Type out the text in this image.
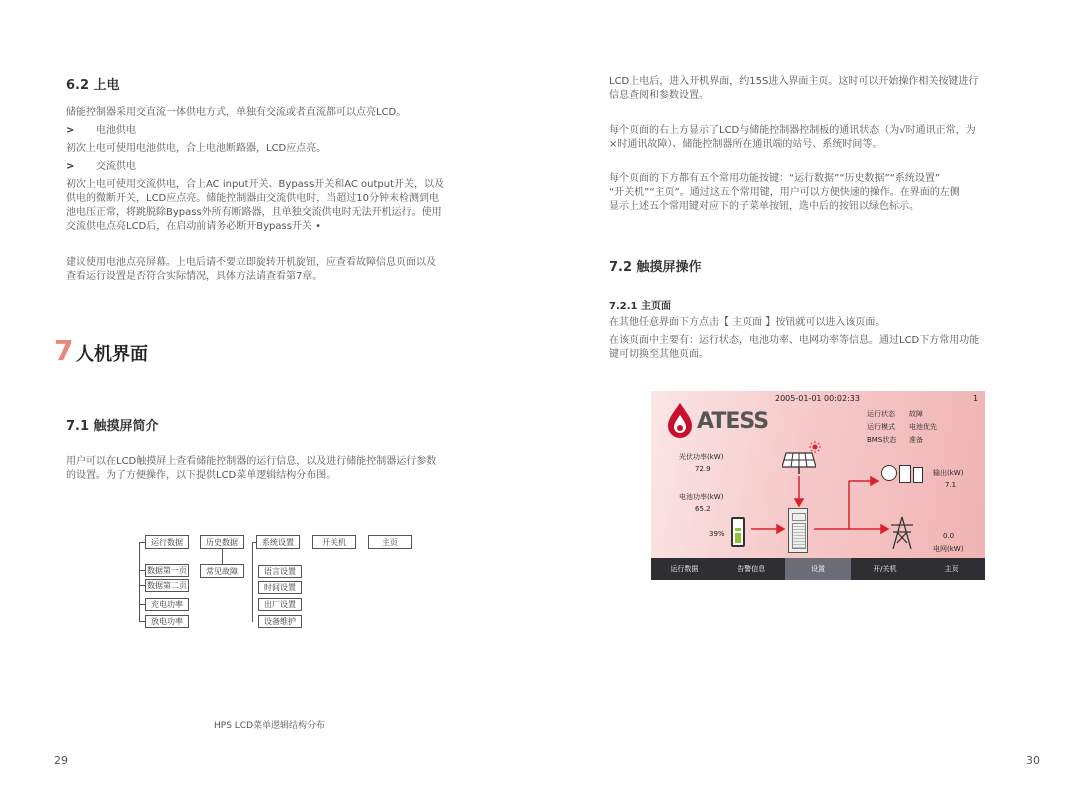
6.2 上电
储能控制器采用交直流一体供电方式，单独有交流或者直流都可以点亮LCD。
> 电池供电
初次上电可使用电池供电，合上电池断路器，LCD应点亮。
> 交流供电
初次上电可使用交流供电，合上AC input开关、Bypass开关和AC output开关，以及
供电的微断开关，LCD应点亮。储能控制器由交流供电时，当超过10分钟未检测到电
池电压正常，将跳脱除Bypass外所有断路器，且单独交流供电时无法开机运行。使用
交流供电点亮LCD后，在启动前请务必断开Bypass开关 •
建议使用电池点亮屏幕。上电后请不要立即旋转开机旋钮，应查看故障信息页面以及
查看运行设置是否符合实际情况，具体方法请查看第7章。
7 人机界面
7.1 触摸屏简介
用户可以在LCD触摸屏上查看储能控制器的运行信息，以及进行储能控制器运行参数
的设置。为了方便操作，以下提供LCD菜单逻辑结构分布图。
运行数据	历史数据	系统设置	开关机	主页
数据第一页
数据第二页
充电功率
放电功率
常见故障	语言设置
时间设置
出厂设置
设备维护
HPS LCD菜单逻辑结构分布
29
LCD上电后，进入开机界面，约15S进入界面主页。这时可以开始操作相关按键进行
信息查阅和参数设置。
每个页面的右上方显示了LCD与储能控制器控制板的通讯状态（为√时通讯正常，为
×时通讯故障）、储能控制器所在通讯端的站号、系统时间等。
每个页面的下方都有五个常用功能按键：“运行数据”“历史数据”“系统设置”
“开关机”“主页”。通过这五个常用键，用户可以方便快速的操作。在界面的左侧
显示上述五个常用键对应下的子菜单按钮，选中后的按钮以绿色标示。
7.2 触摸屏操作
7.2.1 主页面
在其他任意界面下方点击【 主页面 】按钮就可以进入该页面。
在该页面中主要有：运行状态，电池功率、电网功率等信息。通过LCD下方常用功能
键可切换至其他页面。
ATESS
2005-01-01 00:02:33	1
运行状态 故障
运行模式 电池优先
BMS状态 准备
光伏功率(kW)
72.9
电池功率(kW)
65.2
39%
输出(kW)
7.1
0.0
电网(kW)
运行数据	告警信息	设置	开/关机	主页
30
